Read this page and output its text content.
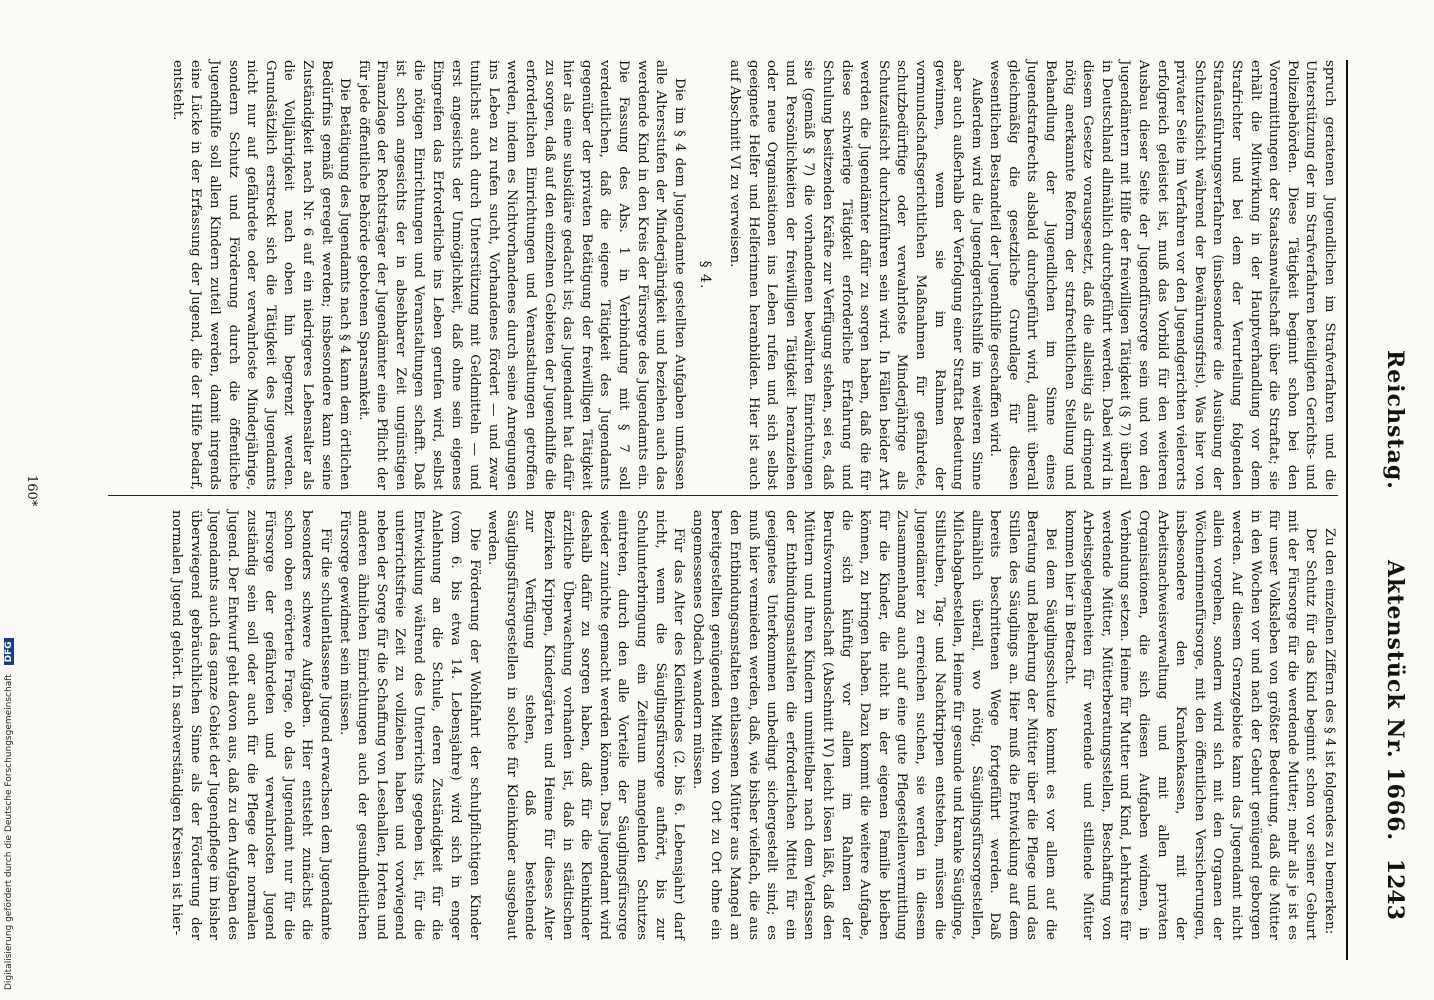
Reichstag.
Aktenstück Nr. 1666.
1243

spruch geratenen Jugendlichen im Strafverfahren und die Unterstützung der im Strafverfahren beteiligten Gerichts- und Polizeibehörden. Diese Tätigkeit beginnt schon bei den Vorermittlungen der Staatsanwaltschaft über die Straftat; sie erhält die Mitwirkung in der Hauptverhandlung vor dem Strafrichter und bei dem der Verurteilung folgenden Strafausführungsverfahren (insbesondere die Ausübung der Schutzaufsicht während der Bewährungsfrist). Was hier von privater Seite im Verfahren vor den Jugendgerichten vielerorts erfolgreich geleistet ist, muß das Vorbild für den weiteren Ausbau dieser Seite der Jugendfürsorge sein und von den Jugendämtern mit Hilfe der freiwilligen Tätigkeit (§ 7) überall in Deutschland allmählich durchgeführt werden. Dabei wird in diesem Gesetze vorausgesetzt, daß die allseitig als dringend nötig anerkannte Reform der strafrechtlichen Stellung und Behandlung der Jugendlichen im Sinne eines Jugendstrafrechts alsbald durchgeführt wird, damit überall gleichmäßig die gesetzliche Grundlage für diesen wesentlichen Bestandteil der Jugendhilfe geschaffen wird.

Außerdem wird die Jugendgerichtshilfe im weiteren Sinne aber auch außerhalb der Verfolgung einer Straftat Bedeutung gewinnen, wenn sie im Rahmen der vormundschaftsgerichtlichen Maßnahmen für gefährdete, schutzbedürftige oder verwahrloste Minderjährige als Schutzaufsicht durchzuführen sein wird. In Fällen beider Art werden die Jugendämter dafür zu sorgen haben, daß die für diese schwierige Tätigkeit erforderliche Erfahrung und Schulung besitzenden Kräfte zur Verfügung stehen, sei es, daß sie (gemäß § 7) die vorhandenen bewährten Einrichtungen und Persönlichkeiten der freiwilligen Tätigkeit heranziehen oder neue Organisationen ins Leben rufen und sich selbst geeignete Helfer und Helferinnen heranbilden. Hier ist auch auf Abschnitt VI zu verweisen.

§ 4.

Die im § 4 dem Jugendamte gestellten Aufgaben umfassen alle Altersstufen der Minderjährigkeit und beziehen auch das werdende Kind in den Kreis der Fürsorge des Jugendamts ein. Die Fassung des Abs. 1 in Verbindung mit § 7 soll verdeutlichen, daß die eigene Tätigkeit des Jugendamts gegenüber der privaten Betätigung der freiwilligen Tätigkeit hier als eine subsidiäre gedacht ist; das Jugendamt hat dafür zu sorgen, daß auf den einzelnen Gebieten der Jugendhilfe die erforderlichen Einrichtungen und Veranstaltungen getroffen werden, indem es Nichtvorhandenes durch seine Anregungen ins Leben zu rufen sucht, Vorhandenes fördert — und zwar tunlichst auch durch Unterstützung mit Geldmitteln — und erst angesichts der Unmöglichkeit, daß ohne sein eigenes Eingreifen das Erforderliche ins Leben gerufen wird, selbst die nötigen Einrichtungen und Veranstaltungen schafft. Daß ist schon angesichts der in absehbarer Zeit ungünstigen Finanzlage der Rechtsträger der Jugendämter eine Pflicht der für jede öffentliche Behörde gebotenen Sparsamkeit.

Die Betätigung des Jugendamts nach § 4 kann dem örtlichen Bedürfnis gemäß geregelt werden; insbesondere kann seine Zuständigkeit nach Nr. 6 auf ein niedrigeres Lebensalter als die Volljährigkeit nach oben hin begrenzt werden. Grundsätzlich erstreckt sich die Tätigkeit des Jugendamts nicht nur auf gefährdete oder verwahrloste Minderjährige, sondern Schutz und Förderung durch die öffentliche Jugendhilfe soll allen Kindern zuteil werden, damit nirgends eine Lücke in der Erfassung der Jugend, die der Hilfe bedarf, entsteht.

Zu den einzelnen Ziffern des § 4 ist folgendes zu bemerken:

Der Schutz für das Kind beginnt schon vor seiner Geburt mit der Fürsorge für die werdende Mutter; mehr als je ist es für unser Volksleben von größter Bedeutung, daß die Mütter in den Wochen vor und nach der Geburt genügend geborgen werden. Auf diesem Grenzgebiete kann das Jugendamt nicht allein vorgehen, sondern wird sich mit den Organen der Wöchnerinnenfürsorge, mit den öffentlichen Versicherungen, insbesondere den Krankenkassen, mit der Arbeitsnachweisverwaltung und mit allen privaten Organisationen, die sich diesen Aufgaben widmen, in Verbindung setzen. Heime für Mutter und Kind, Lehrkurse für werdende Mütter, Mütterberatungsstellen, Beschaffung von Arbeitsgelegenheiten für werdende und stillende Mütter kommen hier in Betracht.

Bei dem Säuglingsschutze kommt es vor allem auf die Beratung und Belehrung der Mütter über die Pflege und das Stillen des Säuglings an. Hier muß die Entwicklung auf dem bereits beschrittenen Wege fortgeführt werden. Daß allmählich überall, wo nötig, Säuglingsfürsorgestellen, Milchabgabestellen, Heime für gesunde und kranke Säuglinge, Stillstuben, Tag- und Nachtkrippen entstehen, müssen die Jugendämter zu erreichen suchen, sie werden in diesem Zusammenhang auch auf eine gute Pflegestellenvermittlung für die Kinder, die nicht in der eigenen Familie bleiben können, zu bringen haben. Dazu kommt die weitere Aufgabe, die sich künftig vor allem im Rahmen der Berufsvormundschaft (Abschnitt IV) leicht lösen läßt, daß den Müttern und ihren Kindern unmittelbar nach dem Verlassen der Entbindungsanstalten die erforderlichen Mittel für ein geeignetes Unterkommen unbedingt sichergestellt sind; es muß hier vermieden werden, daß, wie bisher vielfach, die aus den Entbindungsanstalten entlassenen Mütter aus Mangel an bereitgestellten genügenden Mitteln von Ort zu Ort ohne ein angemessenes Obdach wandern müssen.

Für das Alter des Kleinkindes (2. bis 6. Lebensjahr) darf nicht, wenn die Säuglingsfürsorge aufhört, bis zur Schulunterbringung ein Zeitraum mangelnden Schutzes eintreten, durch den alle Vorteile der Säuglingsfürsorge wieder zunichte gemacht werden können. Das Jugendamt wird deshalb dafür zu sorgen haben, daß für die Kleinkinder ärztliche Überwachung vorhanden ist, daß in städtischen Bezirken Krippen, Kindergärten und Heime für dieses Alter zur Verfügung stehen, daß bestehende Säuglingsfürsorgestellen in solche für Kleinkinder ausgebaut werden.

Die Förderung der Wohlfahrt der schulpflichtigen Kinder (vom 6. bis etwa 14. Lebensjahre) wird sich in enger Anlehnung an die Schule, deren Zuständigkeit für die Entwicklung während des Unterrichts gegeben ist, für die unterrichtsfreie Zeit zu vollziehen haben und vorwiegend neben der Sorge für die Schaffung von Lesehallen, Horten und anderen ähnlichen Einrichtungen auch der gesundheitlichen Fürsorge gewidmet sein müssen.

Für die schulentlassene Jugend erwachsen dem Jugendamte besonders schwere Aufgaben. Hier entsteht zunächst die schon oben erörterte Frage, ob das Jugendamt nur für die Fürsorge der gefährdeten und verwahrlosten Jugend zuständig sein soll oder auch für die Pflege der normalen Jugend. Der Entwurf geht davon aus, daß zu den Aufgaben des Jugendamts auch das ganze Gebiet der Jugendpflege im bisher überwiegend gebräuchlichen Sinne als der Förderung der normalen Jugend gehört. In sachverständigen Kreisen ist hier-

160*
Digitalisierung gefördert durch die Deutsche Forschungsgemeinschaft DFG
